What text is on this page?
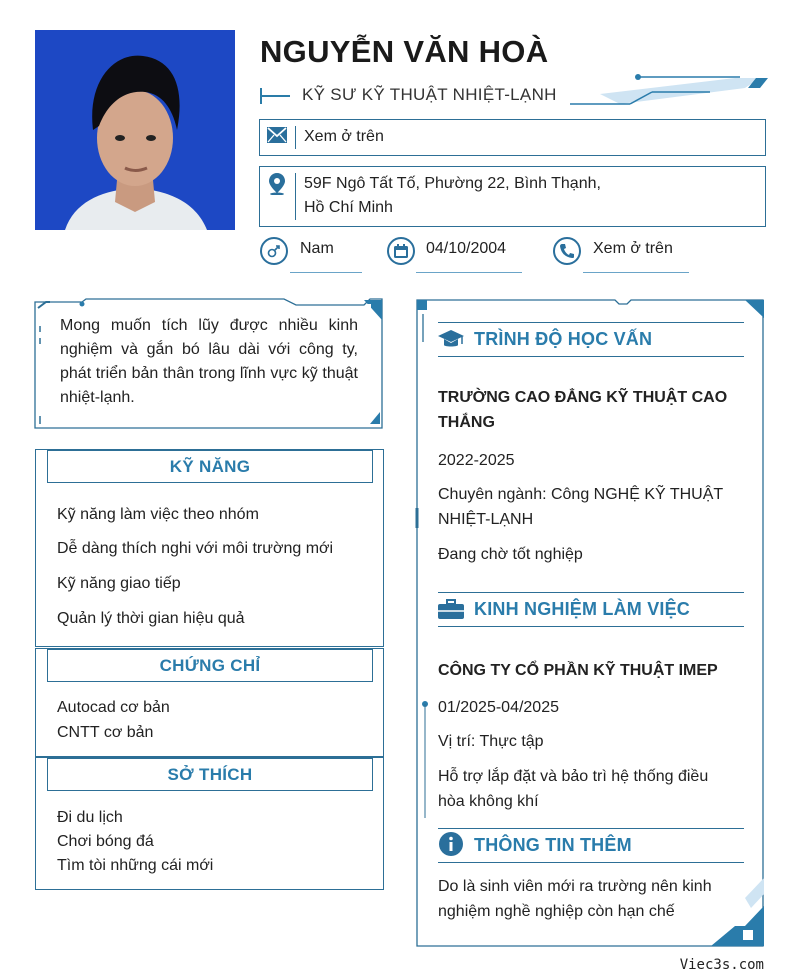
NGUYỄN VĂN HOÀ
KỸ SƯ KỸ THUẬT NHIỆT-LẠNH
Xem ở trên
59F Ngô Tất Tố, Phường 22, Bình Thạnh,
Hồ Chí Minh
Nam	04/10/2004	Xem ở trên
Mong muốn tích lũy được nhiều kinh nghiệm và gắn bó lâu dài với công ty, phát triển bản thân trong lĩnh vực kỹ thuật nhiệt-lạnh.
KỸ NĂNG
Kỹ năng làm việc theo nhóm
Dễ dàng thích nghi với môi trường mới
Kỹ năng giao tiếp
Quản lý thời gian hiệu quả
CHỨNG CHỈ
Autocad cơ bản
CNTT cơ bản
SỞ THÍCH
Đi du lịch
Chơi bóng đá
Tìm tòi những cái mới
TRÌNH ĐỘ HỌC VẤN
TRƯỜNG CAO ĐẲNG KỸ THUẬT CAO THẮNG
2022-2025
Chuyên ngành: Công NGHỆ KỸ THUẬT NHIỆT-LẠNH
Đang chờ tốt nghiệp
KINH NGHIỆM LÀM VIỆC
CÔNG TY CỔ PHẦN KỸ THUẬT IMEP
01/2025-04/2025
Vị trí: Thực tập
Hỗ trợ lắp đặt và bảo trì hệ thống điều hòa không khí
THÔNG TIN THÊM
Do là sinh viên mới ra trường nên kinh nghiệm nghề nghiệp còn hạn chế
Viec3s.com
